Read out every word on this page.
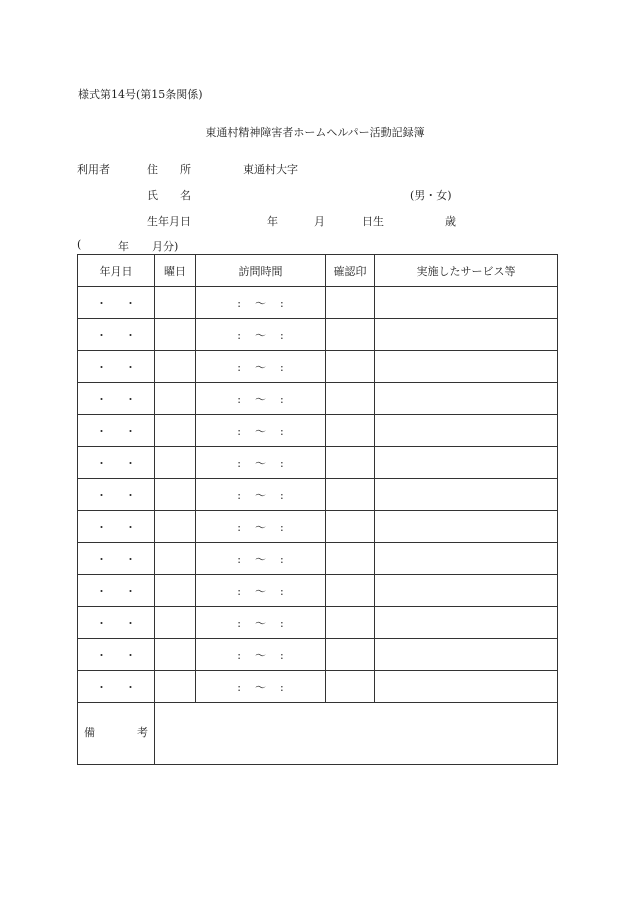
様式第14号(第15条関係)
東通村精神障害者ホームヘルパー活動記録簿
利用者	住　　所	東通村大字
氏　　名	(男・女)
生年月日	年	月	日生	歳
(	年 月分)
年月日	曜日	訪問時間	確認印	実施したサービス等
・ ・		: 〜 :		
・ ・		: 〜 :		
・ ・		: 〜 :		
・ ・		: 〜 :		
・ ・		: 〜 :		
・ ・		: 〜 :		
・ ・		: 〜 :		
・ ・		: 〜 :		
・ ・		: 〜 :		
・ ・		: 〜 :		
・ ・		: 〜 :		
・ ・		: 〜 :		
・ ・		: 〜 :		

備 考				
